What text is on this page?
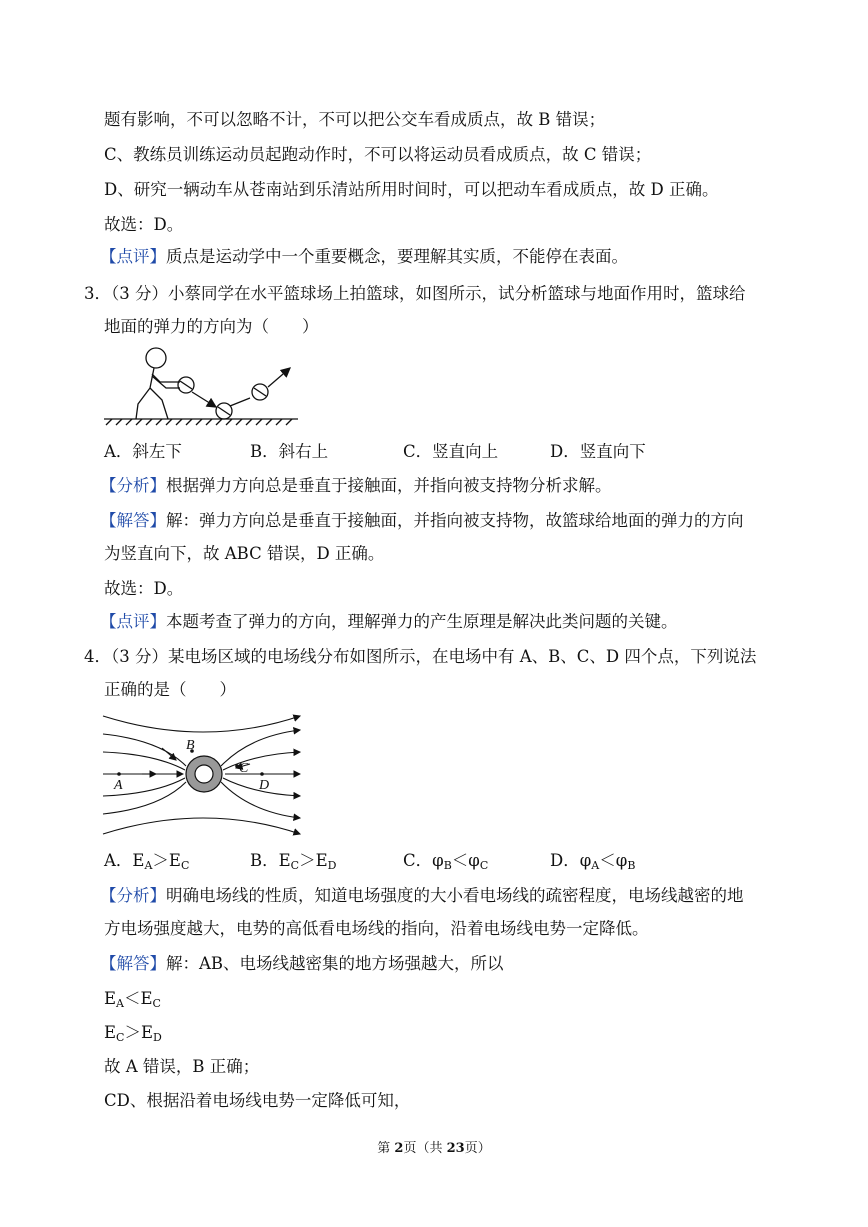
题有影响，不可以忽略不计，不可以把公交车看成质点，故 B 错误；
C、教练员训练运动员起跑动作时，不可以将运动员看成质点，故 C 错误；
D、研究一辆动车从苍南站到乐清站所用时间时，可以把动车看成质点，故 D 正确。
故选：D。
【点评】质点是运动学中一个重要概念，要理解其实质，不能停在表面。
3．（3 分）小蔡同学在水平篮球场上拍篮球，如图所示，试分析篮球与地面作用时，篮球给
地面的弹力的方向为（　　）
A．斜左下	B．斜右上	C．竖直向上	D．竖直向下
【分析】根据弹力方向总是垂直于接触面，并指向被支持物分析求解。
【解答】解：弹力方向总是垂直于接触面，并指向被支持物，故篮球给地面的弹力的方向
为竖直向下，故 ABC 错误，D 正确。
故选：D。
【点评】本题考查了弹力的方向，理解弹力的产生原理是解决此类问题的关键。
4．（3 分）某电场区域的电场线分布如图所示，在电场中有 A、B、C、D 四个点，下列说法
正确的是（　　）
A
B
C
D
A．$E_A>E_C$	B．$E_C>E_D$	C．$\varphi_B<\varphi_C$	D．$\varphi_A<\varphi_B$
【分析】明确电场线的性质，知道电场强度的大小看电场线的疏密程度，电场线越密的地
方电场强度越大，电势的高低看电场线的指向，沿着电场线电势一定降低。
【解答】解：AB、电场线越密集的地方场强越大，所以
$E_A<E_C$
$E_C>E_D$
故 A 错误，B 正确；
CD、根据沿着电场线电势一定降低可知，
第 2页（共 23页）
